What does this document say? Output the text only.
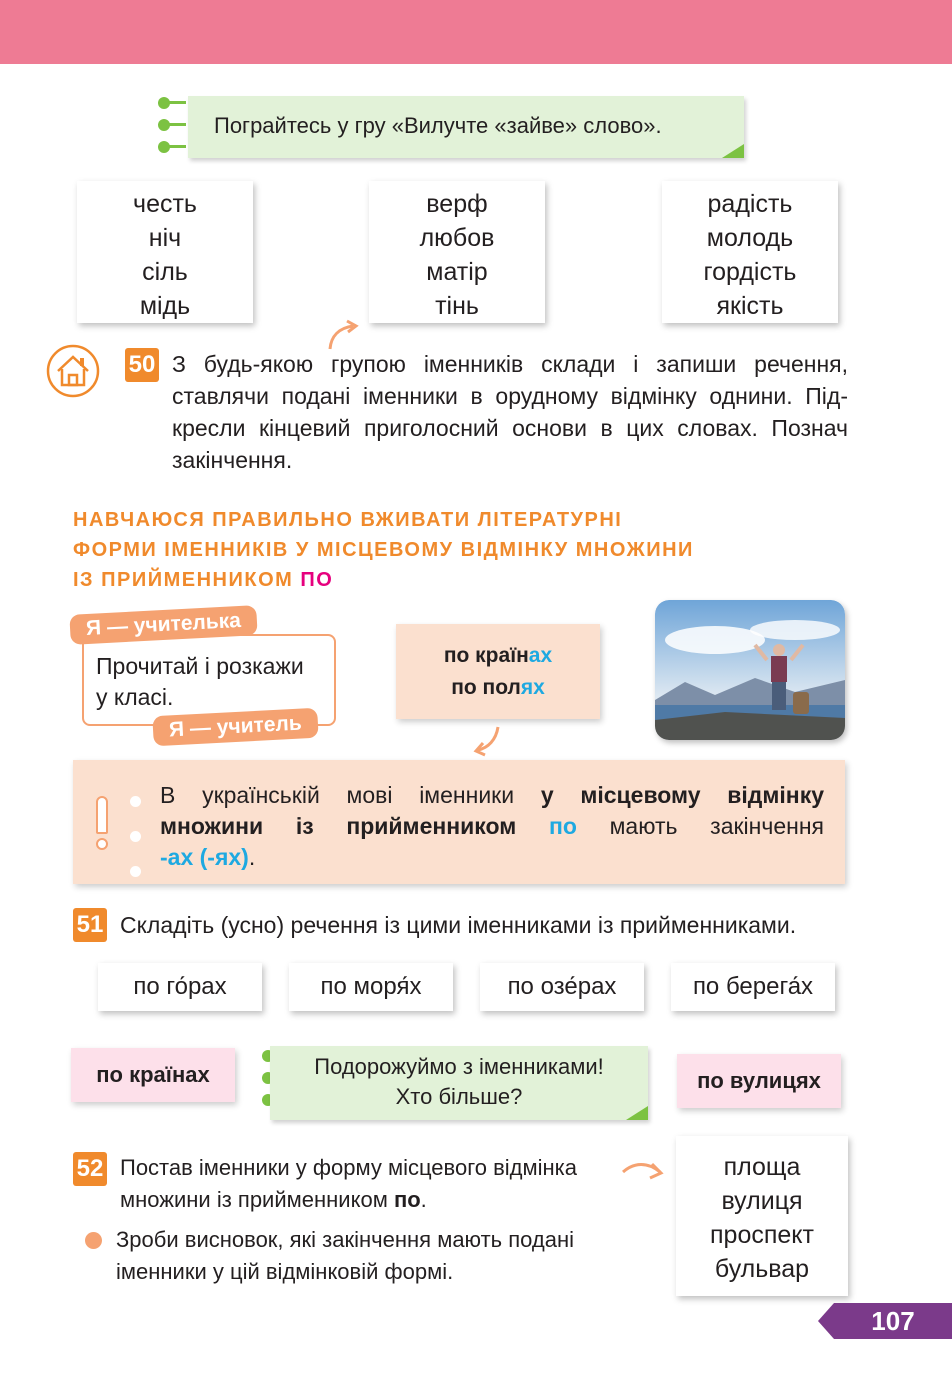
Пограйтесь у гру «Вилучте «зайве» слово».
честь
ніч
сіль
мідь
верф
любов
матір
тінь
радість
молодь
гордість
якість
50 З будь-якою групою іменників склади і запиши речення,
ставлячи подані іменники в орудному відмінку однини. Під-
кресли кінцевий приголосний основи в цих словах. Познач
закінчення.
НАВЧАЮСЯ ПРАВИЛЬНО ВЖИВАТИ ЛІТЕРАТУРНІ
ФОРМИ ІМЕННИКІВ У МІСЦЕВОМУ ВІДМІНКУ МНОЖИНИ
ІЗ ПРИЙМЕННИКОМ ПО
Я — учителька
Прочитай і розкажи
у класі.
Я — учитель
по країнах
по полях
В українській мові іменники у місцевому відмінку
множини із прийменником по мають закінчення
-ах (-ях).
51 Складіть (усно) речення із цими іменниками із прийменниками.
по го́рах	по моря́х	по озе́рах	по берега́х
по країнах	Подорожуймо з іменниками!
Хто більше?
по вулицях
52 Постав іменники у форму місцевого відмінка
множини із прийменником по.
Зроби висновок, які закінчення мають подані
іменники у цій відмінковій формі.
площа
вулиця
проспект
бульвар
107
